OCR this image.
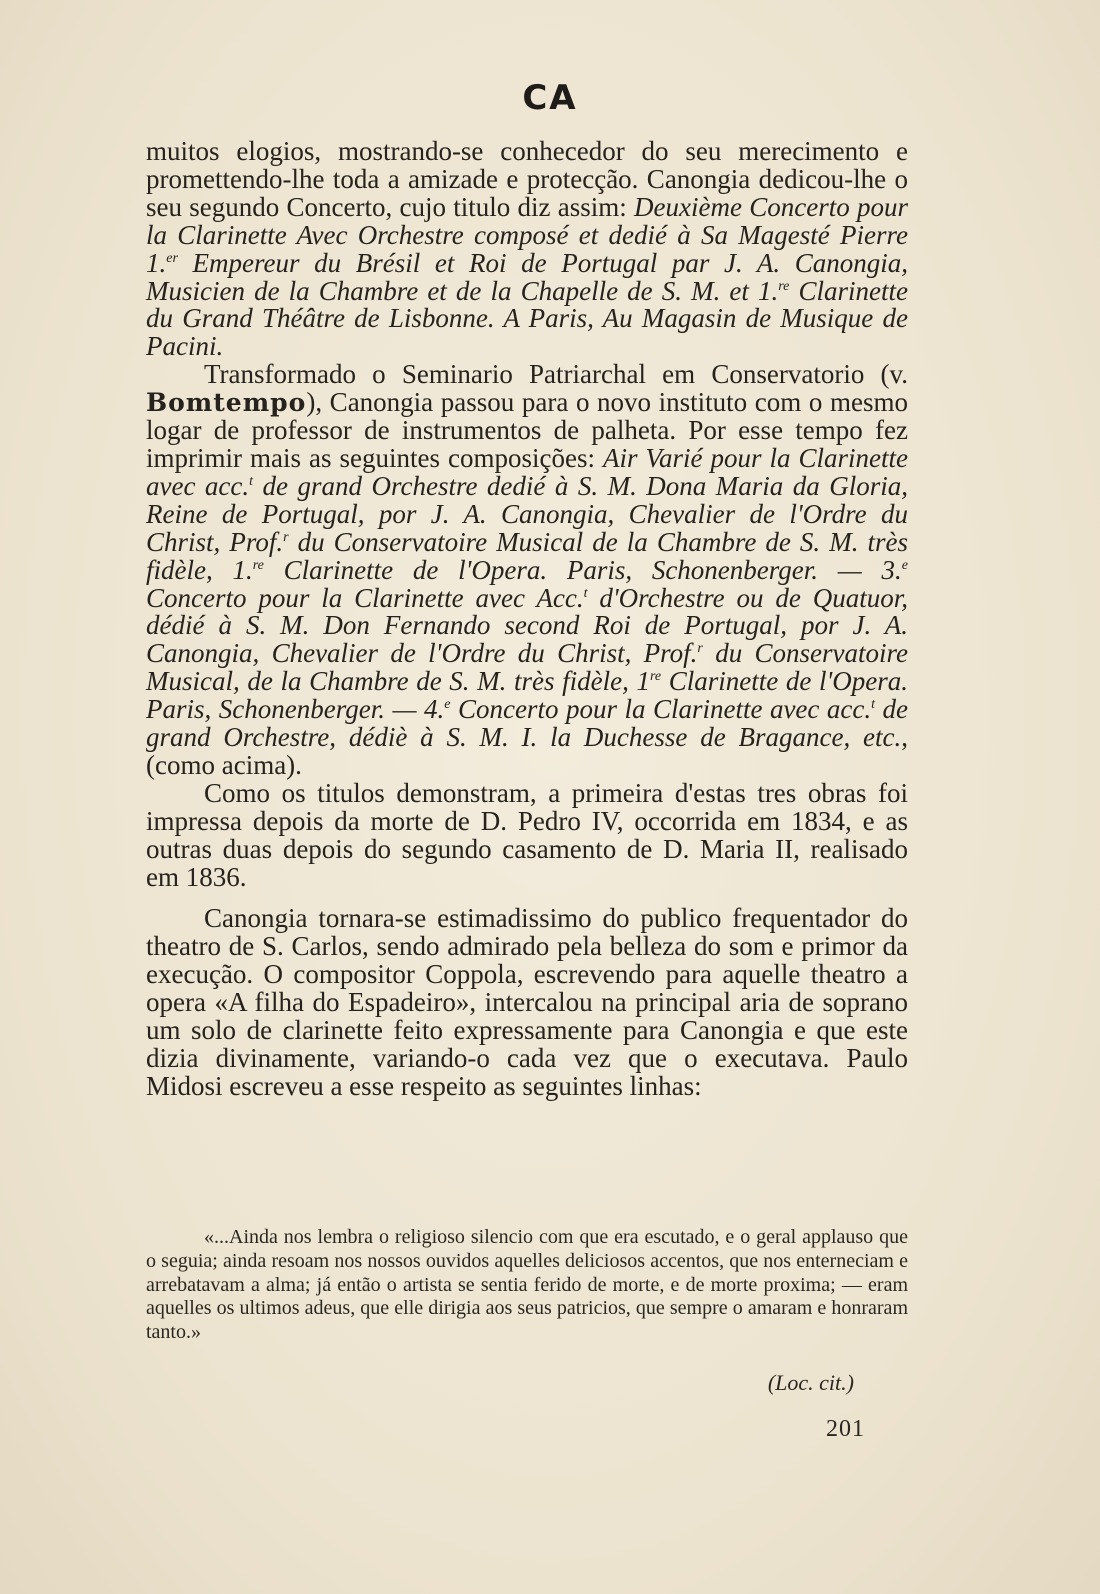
CA

muitos elogios, mostrando-se conhecedor do seu merecimento e promettendo-lhe toda a amizade e protecção. Canongia dedicou-lhe o seu segundo Concerto, cujo titulo diz assim: Deuxième Concerto pour la Clarinette Avec Orchestre composé et dedié à Sa Magesté Pierre 1.$^{er}$ Empereur du Brésil et Roi de Portugal par J. A. Canongia, Musicien de la Chambre et de la Chapelle de S. M. et 1.$^{re}$ Clarinette du Grand Théâtre de Lisbonne. A Paris, Au Magasin de Musique de Pacini.

Transformado o Seminario Patriarchal em Conservatorio (v. Bomtempo), Canongia passou para o novo instituto com o mesmo logar de professor de instrumentos de palheta. Por esse tempo fez imprimir mais as seguintes composições: Air Varié pour la Clarinette avec acc.$^t$ de grand Orchestre dedié à S. M. Dona Maria da Gloria, Reine de Portugal, por J. A. Canongia, Chevalier de l'Ordre du Christ, Prof.$^r$ du Conservatoire Musical de la Chambre de S. M. très fidèle, 1.$^{re}$ Clarinette de l'Opera. Paris, Schonenberger. — 3.$^e$ Concerto pour la Clarinette avec Acc.$^t$ d'Orchestre ou de Quatuor, dédié à S. M. Don Fernando second Roi de Portugal, por J. A. Canongia, Chevalier de l'Ordre du Christ, Prof.$^r$ du Conservatoire Musical, de la Chambre de S. M. très fidèle, 1re Clarinette de l'Opera. Paris, Schonenberger. — 4.$^e$ Concerto pour la Clarinette avec acc.$^t$ de grand Orchestre, dédiè à S. M. I. la Duchesse de Bragance, etc., (como acima).

Como os titulos demonstram, a primeira d'estas tres obras foi impressa depois da morte de D. Pedro IV, occorrida em 1834, e as outras duas depois do segundo casamento de D. Maria II, realisado em 1836.

Canongia tornara-se estimadissimo do publico frequentador do theatro de S. Carlos, sendo admirado pela belleza do som e primor da execução. O compositor Coppola, escrevendo para aquelle theatro a opera «A filha do Espadeiro», intercalou na principal aria de soprano um solo de clarinette feito expressamente para Canongia e que este dizia divinamente, variando-o cada vez que o executava. Paulo Midosi escreveu a esse respeito as seguintes linhas:

«...Ainda nos lembra o religioso silencio com que era escutado, e o geral applauso que o seguia; ainda resoam nos nossos ouvidos aquelles deliciosos accentos, que nos enterneciam e arrebatavam a alma; já então o artista se sentia ferido de morte, e de morte proxima; — eram aquelles os ultimos adeus, que elle dirigia aos seus patricios, que sempre o amaram e honraram tanto.»

(Loc. cit.)
201
